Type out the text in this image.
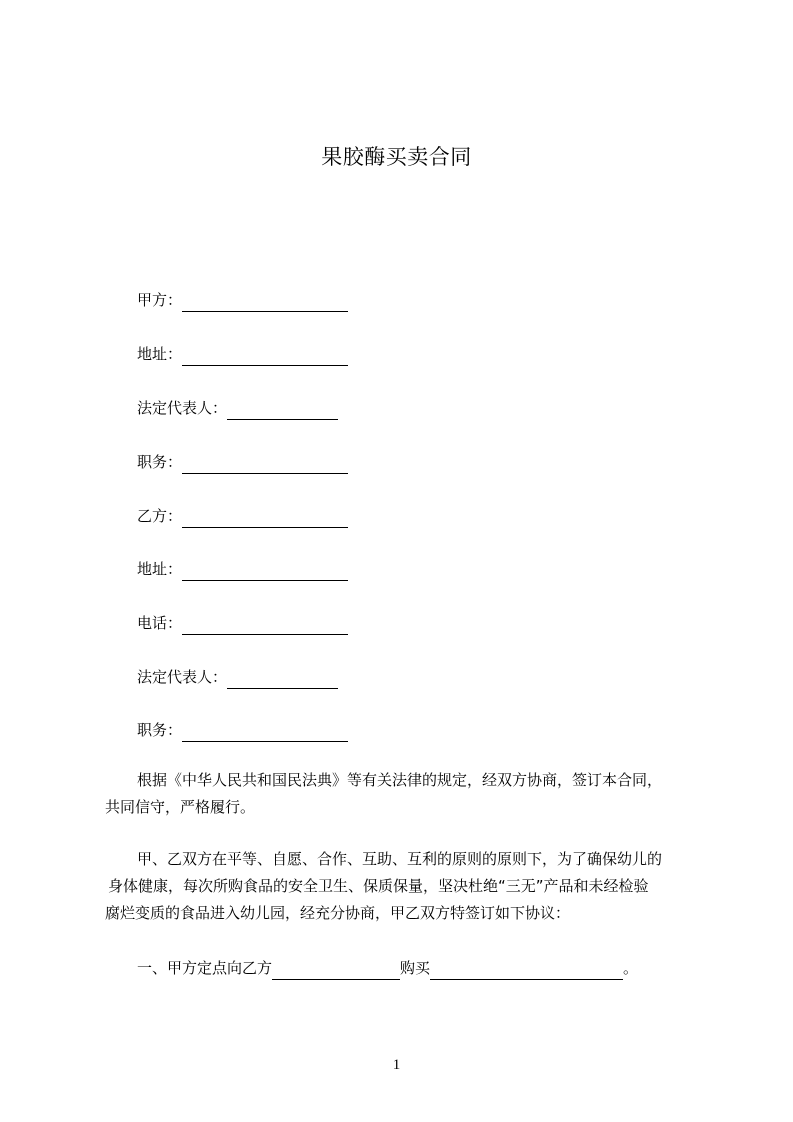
果胶酶买卖合同
甲方：
地址：
法定代表人：
职务：
乙方：
地址：
电话：
法定代表人：
职务：
根据《中华人民共和国民法典》等有关法律的规定，经双方协商，签订本合同，
共同信守，严格履行。
甲、乙双方在平等、自愿、合作、互助、互利的原则的原则下，为了确保幼儿的
身体健康，每次所购食品的安全卫生、保质保量，坚决杜绝“三无”产品和未经检验
腐烂变质的食品进入幼儿园，经充分协商，甲乙双方特签订如下协议：
一、甲方定点向乙方	购买	。
1
